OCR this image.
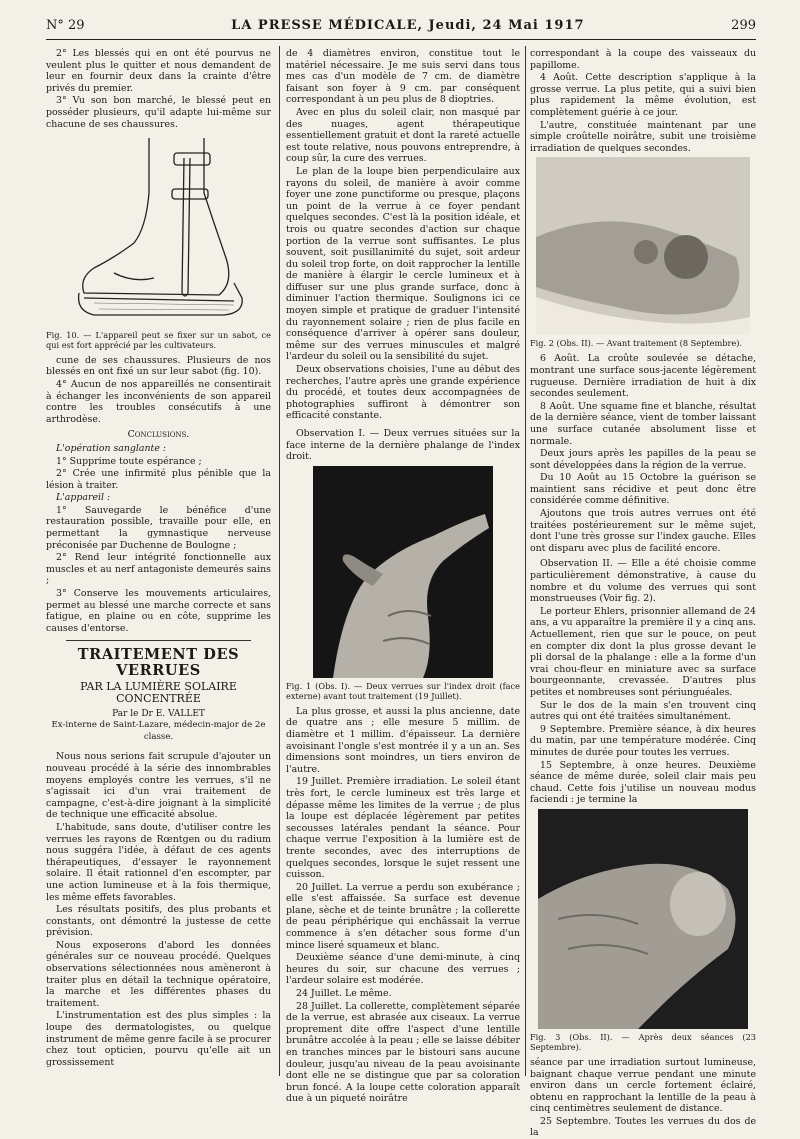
N° 29	LA PRESSE MÉDICALE, Jeudi, 24 Mai 1917	299

2° Les blessés qui en ont été pourvus ne veulent plus le quitter et nous demandent de leur en fournir deux dans la crainte d'être privés du premier.

3° Vu son bon marché, le blessé peut en posséder plusieurs, qu'il adapte lui-même sur chacune de ses chaussures.

Fig. 10. — L'appareil peut se fixer sur un sabot, ce qui est fort apprécié par les cultivateurs.

cune de ses chaussures. Plusieurs de nos blessés en ont fixé un sur leur sabot (fig. 10).

4° Aucun de nos appareillés ne consentirait à échanger les inconvénients de son appareil contre les troubles consécutifs à une arthrodèse.

Conclusions.

L'opération sanglante :

1° Supprime toute espérance ;

2° Crée une infirmité plus pénible que la lésion à traiter.

L'appareil :

1° Sauvegarde le bénéfice d'une restauration possible, travaille pour elle, en permettant la gymnastique nerveuse préconisée par Duchenne de Boulogne ;

2° Rend leur intégrité fonctionnelle aux muscles et au nerf antagoniste demeurés sains ;

3° Conserve les mouvements articulaires, permet au blessé une marche correcte et sans fatigue, en plaine ou en côte, supprime les causes d'entorse.

TRAITEMENT DES VERRUES
PAR LA LUMIÈRE SOLAIRE CONCENTRÉE
Par le Dr E. VALLET
Ex-interne de Saint-Lazare, médecin-major de 2e classe.

Nous nous serions fait scrupule d'ajouter un nouveau procédé à la série des innombrables moyens employés contre les verrues, s'il ne s'agissait ici d'un vrai traitement de campagne, c'est-à-dire joignant à la simplicité de technique une efficacité absolue.

L'habitude, sans doute, d'utiliser contre les verrues les rayons de Rœntgen ou du radium nous suggéra l'idée, à défaut de ces agents thérapeutiques, d'essayer le rayonnement solaire. Il était rationnel d'en escompter, par une action lumineuse et à la fois thermique, les même effets favorables.

Les résultats positifs, des plus probants et constants, ont démontré la justesse de cette prévision.

Nous exposerons d'abord les données générales sur ce nouveau procédé. Quelques observations sélectionnées nous amèneront à traiter plus en détail la technique opératoire, la marche et les différentes phases du traitement.

L'instrumentation est des plus simples : la loupe des dermatologistes, ou quelque instrument de même genre facile à se procurer chez tout opticien, pourvu qu'elle ait un grossissement

de 4 diamètres environ, constitue tout le matériel nécessaire. Je me suis servi dans tous mes cas d'un modèle de 7 cm. de diamètre faisant son foyer à 9 cm. par conséquent correspondant à un peu plus de 8 dioptries.

Avec en plus du soleil clair, non masqué par des nuages, agent thérapeutique essentiellement gratuit et dont la rareté actuelle est toute relative, nous pouvons entreprendre, à coup sûr, la cure des verrues.

Le plan de la loupe bien perpendiculaire aux rayons du soleil, de manière à avoir comme foyer une zone punctiforme ou presque, plaçons un point de la verrue à ce foyer pendant quelques secondes. C'est là la position idéale, et trois ou quatre secondes d'action sur chaque portion de la verrue sont suffisantes. Le plus souvent, soit pusillanimité du sujet, soit ardeur du soleil trop forte, on doit rapprocher la lentille de manière à élargir le cercle lumineux et à diffuser sur une plus grande surface, donc à diminuer l'action thermique. Soulignons ici ce moyen simple et pratique de graduer l'intensité du rayonnement solaire ; rien de plus facile en conséquence d'arriver à opérer sans douleur, même sur des verrues minuscules et malgré l'ardeur du soleil ou la sensibilité du sujet.

Deux observations choisies, l'une au début des recherches, l'autre après une grande expérience du procédé, et toutes deux accompagnées de photographies suffiront à démontrer son efficacité constante.

Observation I. — Deux verrues situées sur la face interne de la dernière phalange de l'index droit.

Fig. 1 (Obs. I). — Deux verrues sur l'index droit (face externe) avant tout traitement (19 Juillet).

La plus grosse, et aussi la plus ancienne, date de quatre ans ; elle mesure 5 millim. de diamètre et 1 millim. d'épaisseur. La dernière avoisinant l'ongle s'est montrée il y a un an. Ses dimensions sont moindres, un tiers environ de l'autre.

19 Juillet. Première irradiation. Le soleil étant très fort, le cercle lumineux est très large et dépasse même les limites de la verrue ; de plus la loupe est déplacée légèrement par petites secousses latérales pendant la séance. Pour chaque verrue l'exposition à la lumière est de trente secondes, avec des interruptions de quelques secondes, lorsque le sujet ressent une cuisson.

20 Juillet. La verrue a perdu son exubérance ; elle s'est affaissée. Sa surface est devenue plane, sèche et de teinte brunâtre ; la collerette de peau périphérique qui enchâssait la verrue commence à s'en détacher sous forme d'un mince liseré squameux et blanc.

Deuxième séance d'une demi-minute, à cinq heures du soir, sur chacune des verrues ; l'ardeur solaire est modérée.

24 Juillet. Le même.

28 Juillet. La collerette, complètement séparée de la verrue, est abrasée aux ciseaux. La verrue proprement dite offre l'aspect d'une lentille brunâtre accolée à la peau ; elle se laisse débiter en tranches minces par le bistouri sans aucune douleur, jusqu'au niveau de la peau avoisinante dont elle ne se distingue que par sa coloration brun foncé. A la loupe cette coloration apparaît due à un piqueté noirâtre

correspondant à la coupe des vaisseaux du papillome.

4 Août. Cette description s'applique à la grosse verrue. La plus petite, qui a suivi bien plus rapidement la même évolution, est complètement guérie à ce jour.

L'autre, constituée maintenant par une simple croûtelle noirâtre, subit une troisième irradiation de quelques secondes.

Fig. 2 (Obs. II). — Avant traitement (8 Septembre).

6 Août. La croûte soulevée se détache, montrant une surface sous-jacente légèrement rugueuse. Dernière irradiation de huit à dix secondes seulement.

8 Août. Une squame fine et blanche, résultat de la dernière séance, vient de tomber laissant une surface cutanée absolument lisse et normale.

Deux jours après les papilles de la peau se sont développées dans la région de la verrue.

Du 10 Août au 15 Octobre la guérison se maintient sans récidive et peut donc être considérée comme définitive.

Ajoutons que trois autres verrues ont été traitées postérieurement sur le même sujet, dont l'une très grosse sur l'index gauche. Elles ont disparu avec plus de facilité encore.

Observation II. — Elle a été choisie comme particulièrement démonstrative, à cause du nombre et du volume des verrues qui sont monstrueuses (Voir fig. 2).

Le porteur Ehlers, prisonnier allemand de 24 ans, a vu apparaître la première il y a cinq ans. Actuellement, rien que sur le pouce, on peut en compter dix dont la plus grosse devant le pli dorsal de la phalange : elle a la forme d'un vrai chou-fleur en miniature avec sa surface bourgeonnante, crevassée. D'autres plus petites et nombreuses sont périunguéales.

Sur le dos de la main s'en trouvent cinq autres qui ont été traitées simultanément.

9 Septembre. Première séance, à dix heures du matin, par une température modérée. Cinq minutes de durée pour toutes les verrues.

15 Septembre, à onze heures. Deuxième séance de même durée, soleil clair mais peu chaud. Cette fois j'utilise un nouveau modus faciendi : je termine la

Fig. 3 (Obs. II). — Après deux séances (23 Septembre).

séance par une irradiation surtout lumineuse, baignant chaque verrue pendant une minute environ dans un cercle fortement éclairé, obtenu en rapprochant la lentille de la peau à cinq centimètres seulement de distance.

25 Septembre. Toutes les verrues du dos de la
